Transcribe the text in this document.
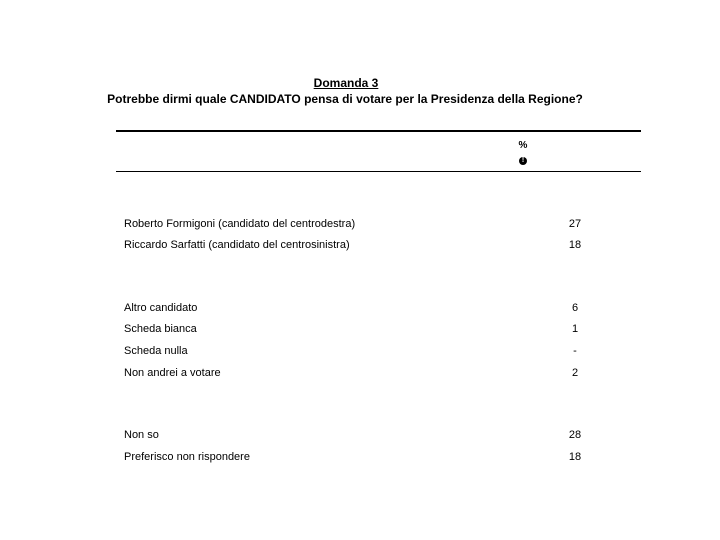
Domanda 3
Potrebbe dirmi quale CANDIDATO pensa di votare per la Presidenza della Regione?
%
!
Roberto Formigoni (candidato del centrodestra)	27
Riccardo Sarfatti (candidato del centrosinistra)	18
Altro candidato	6
Scheda bianca	1
Scheda nulla	-
Non andrei a votare	2
Non so	28
Preferisco non rispondere	18
